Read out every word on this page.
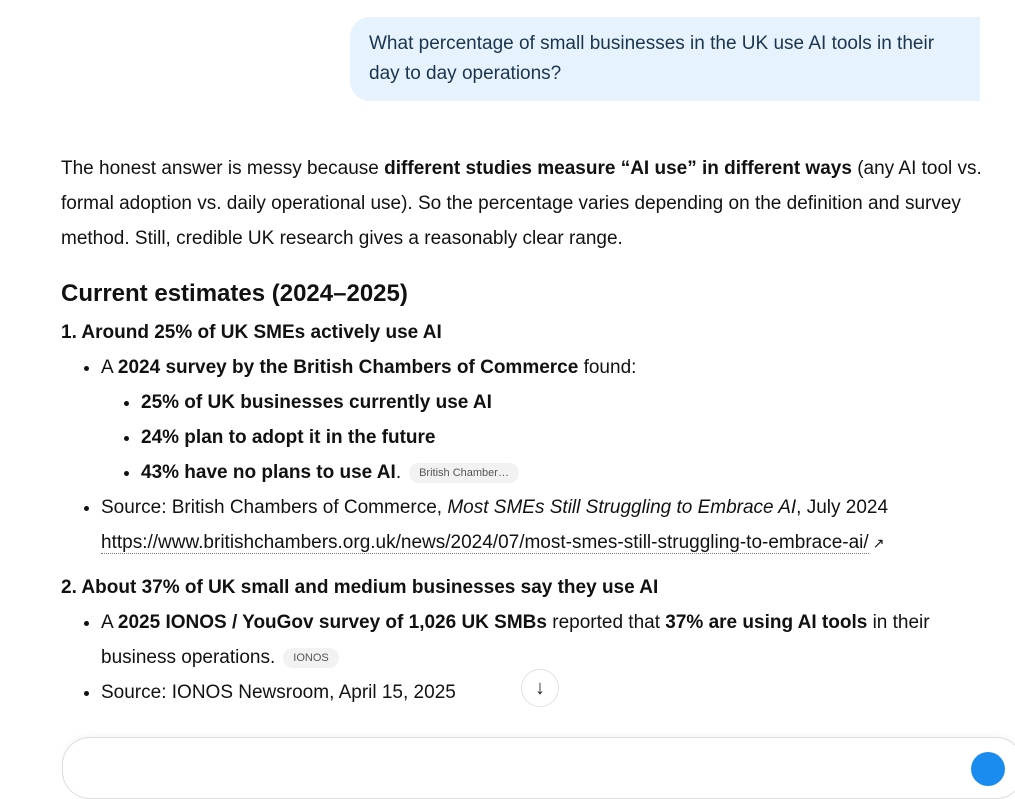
What percentage of small businesses in the UK use AI tools in their day to day operations?

The honest answer is messy because different studies measure “AI use” in different ways (any AI tool vs. formal adoption vs. daily operational use). So the percentage varies depending on the definition and survey method. Still, credible UK research gives a reasonably clear range.

Current estimates (2024–2025)
1. Around 25% of UK SMEs actively use AI
• A 2024 survey by the British Chambers of Commerce found:
• 25% of UK businesses currently use AI
• 24% plan to adopt it in the future
• 43% have no plans to use AI. British Chamber…
• Source: British Chambers of Commerce, Most SMEs Still Struggling to Embrace AI, July 2024
https://www.britishchambers.org.uk/news/2024/07/most-smes-still-struggling-to-embrace-ai/ ↗
2. About 37% of UK small and medium businesses say they use AI
• A 2025 IONOS / YouGov survey of 1,026 UK SMBs reported that 37% are using AI tools in their business operations. IONOS
• Source: IONOS Newsroom, April 15, 2025	↓
